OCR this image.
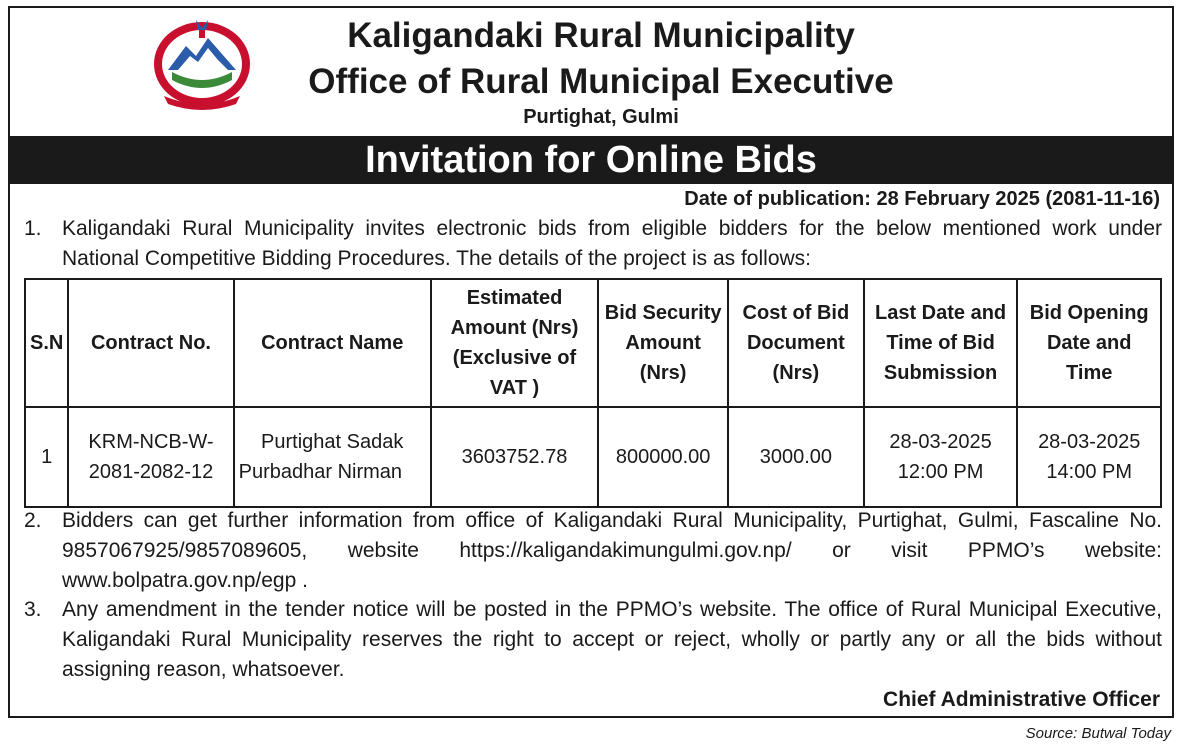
Kaligandaki Rural Municipality
Office of Rural Municipal Executive
Purtighat, Gulmi
Invitation for Online Bids
Date of publication: 28 February 2025 (2081-11-16)
1. Kaligandaki Rural Municipality invites electronic bids from eligible bidders for the below mentioned work under National Competitive Bidding Procedures. The details of the project is as follows:
S.N	Contract No.	Contract Name	Estimated Amount (Nrs) (Exclusive of VAT )	Bid Security Amount (Nrs)	Cost of Bid Document (Nrs)	Last Date and Time of Bid Submission	Bid Opening Date and Time
1	KRM-NCB-W-2081-2082-12	Purtighat Sadak Purbadhar Nirman	3603752.78	800000.00	3000.00	28-03-2025 12:00 PM	28-03-2025 14:00 PM
2. Bidders can get further information from office of Kaligandaki Rural Municipality, Purtighat, Gulmi, Fascaline No. 9857067925/9857089605, website https://kaligandakimungulmi.gov.np/ or visit PPMO’s website: www.bolpatra.gov.np/egp .
3. Any amendment in the tender notice will be posted in the PPMO’s website. The office of Rural Municipal Executive, Kaligandaki Rural Municipality reserves the right to accept or reject, wholly or partly any or all the bids without assigning reason, whatsoever.
Chief Administrative Officer
Source: Butwal Today
